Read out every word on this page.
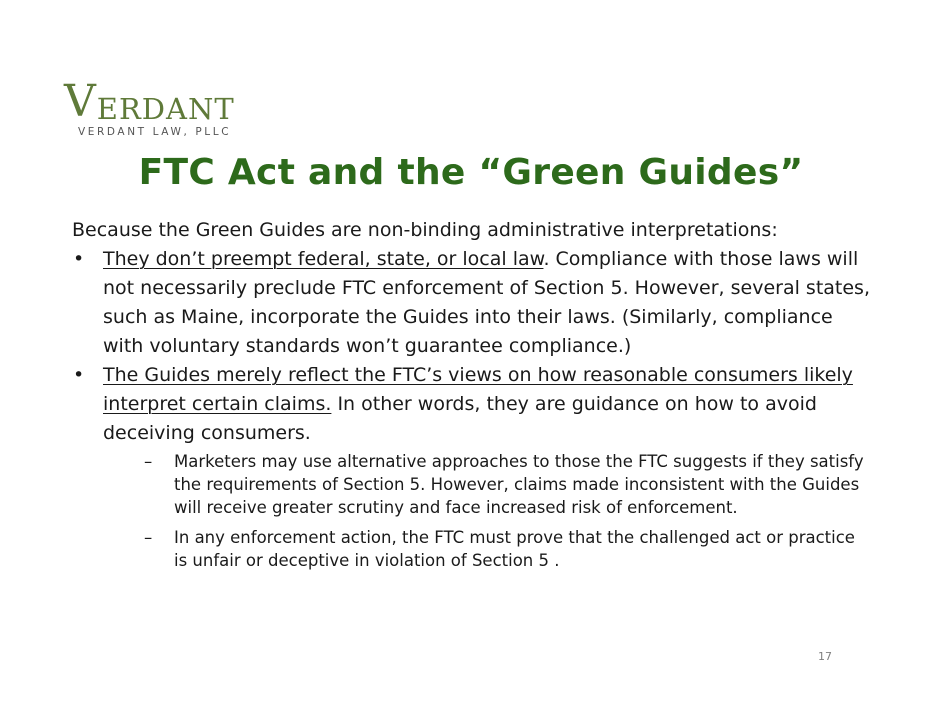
VERDANT
VERDANT LAW, PLLC
FTC Act and the “Green Guides”

Because the Green Guides are non-binding administrative interpretations:

• They don’t preempt federal, state, or local law. Compliance with those laws will not necessarily preclude FTC enforcement of Section 5. However, several states, such as Maine, incorporate the Guides into their laws. (Similarly, compliance with voluntary standards won’t guarantee compliance.)
• The Guides merely reflect the FTC’s views on how reasonable consumers likely interpret certain claims. In other words, they are guidance on how to avoid deceiving consumers.
– Marketers may use alternative approaches to those the FTC suggests if they satisfy the requirements of Section 5. However, claims made inconsistent with the Guides will receive greater scrutiny and face increased risk of enforcement.
– In any enforcement action, the FTC must prove that the challenged act or practice is unfair or deceptive in violation of Section 5 .
17
